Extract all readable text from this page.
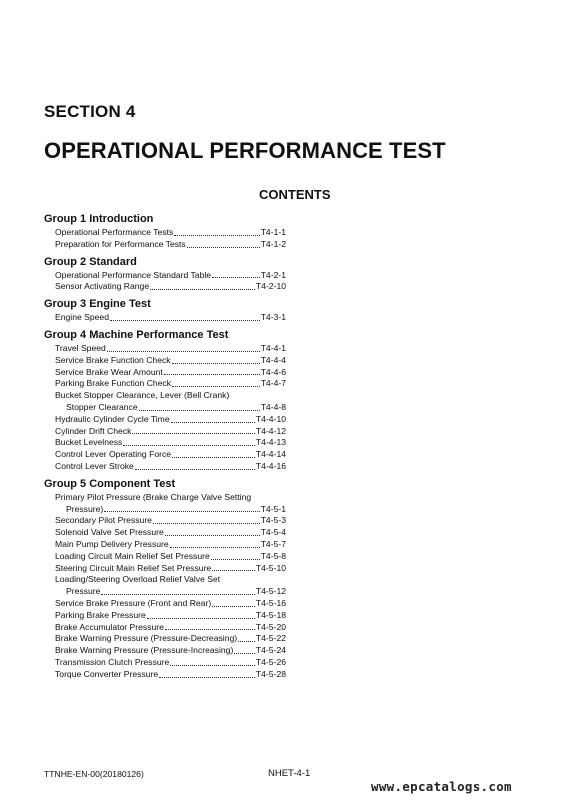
SECTION 4
OPERATIONAL PERFORMANCE TEST
CONTENTS
Group 1 Introduction
Operational Performance Tests	T4-1-1
Preparation for Performance Tests	T4-1-2
Group 2 Standard
Operational Performance Standard Table	T4-2-1
Sensor Activating Range	T4-2-10
Group 3 Engine Test
Engine Speed	T4-3-1
Group 4 Machine Performance Test
Travel Speed	T4-4-1
Service Brake Function Check	T4-4-4
Service Brake Wear Amount	T4-4-6
Parking Brake Function Check	T4-4-7
Bucket Stopper Clearance, Lever (Bell Crank)
Stopper Clearance	T4-4-8
Hydraulic Cylinder Cycle Time	T4-4-10
Cylinder Drift Check	T4-4-12
Bucket Levelness	T4-4-13
Control Lever Operating Force	T4-4-14
Control Lever Stroke	T4-4-16
Group 5 Component Test
Primary Pilot Pressure (Brake Charge Valve Setting
Pressure)	T4-5-1
Secondary Pilot Pressure	T4-5-3
Solenoid Valve Set Pressure	T4-5-4
Main Pump Delivery Pressure	T4-5-7
Loading Circuit Main Relief Set Pressure	T4-5-8
Steering Circuit Main Relief Set Pressure	T4-5-10
Loading/Steering Overload Relief Valve Set
Pressure	T4-5-12
Service Brake Pressure (Front and Rear)	T4-5-16
Parking Brake Pressure	T4-5-18
Brake Accumulator Pressure	T4-5-20
Brake Warning Pressure (Pressure-Decreasing) T4-5-22
Brake Warning Pressure (Pressure-Increasing)	T4-5-24
Transmission Clutch Pressure	T4-5-26
Torque Converter Pressure	T4-5-28
TTNHE-EN-00(20180126)	NHET-4-1
www.epcatalogs.com
